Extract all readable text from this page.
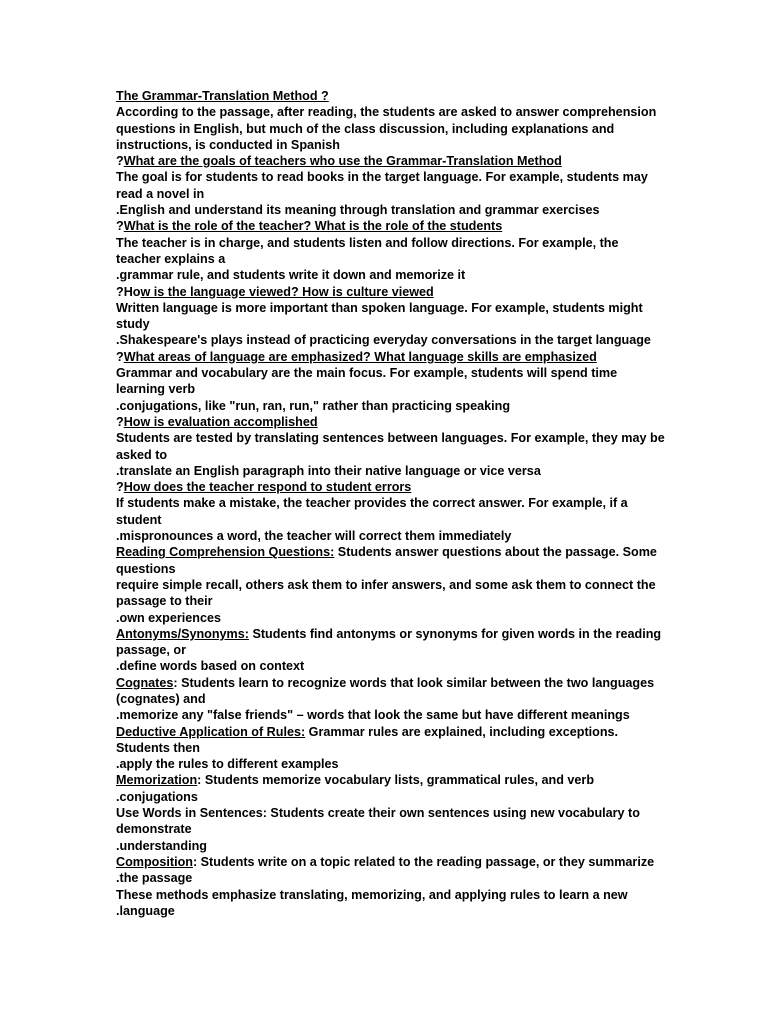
The Grammar-Translation Method ?
According to the passage, after reading, the students are asked to answer comprehension
questions in English, but much of the class discussion, including explanations and
instructions, is conducted in Spanish
?What are the goals of teachers who use the Grammar-Translation Method
The goal is for students to read books in the target language. For example, students may
read a novel in
.English and understand its meaning through translation and grammar exercises
?What is the role of the teacher? What is the role of the students
The teacher is in charge, and students listen and follow directions. For example, the
teacher explains a
.grammar rule, and students write it down and memorize it
?How is the language viewed? How is culture viewed
Written language is more important than spoken language. For example, students might
study
.Shakespeare's plays instead of practicing everyday conversations in the target language
?What areas of language are emphasized? What language skills are emphasized
Grammar and vocabulary are the main focus. For example, students will spend time
learning verb
.conjugations, like "run, ran, run," rather than practicing speaking
?How is evaluation accomplished
Students are tested by translating sentences between languages. For example, they may be
asked to
.translate an English paragraph into their native language or vice versa
?How does the teacher respond to student errors
If students make a mistake, the teacher provides the correct answer. For example, if a
student
.mispronounces a word, the teacher will correct them immediately
Reading Comprehension Questions: Students answer questions about the passage. Some
questions
require simple recall, others ask them to infer answers, and some ask them to connect the
passage to their
.own experiences
Antonyms/Synonyms: Students find antonyms or synonyms for given words in the reading
passage, or
.define words based on context
Cognates: Students learn to recognize words that look similar between the two languages
(cognates) and
.memorize any "false friends" – words that look the same but have different meanings
Deductive Application of Rules: Grammar rules are explained, including exceptions.
Students then
.apply the rules to different examples
Memorization: Students memorize vocabulary lists, grammatical rules, and verb
.conjugations
Use Words in Sentences: Students create their own sentences using new vocabulary to
demonstrate
.understanding
Composition: Students write on a topic related to the reading passage, or they summarize
.the passage
These methods emphasize translating, memorizing, and applying rules to learn a new
.language
